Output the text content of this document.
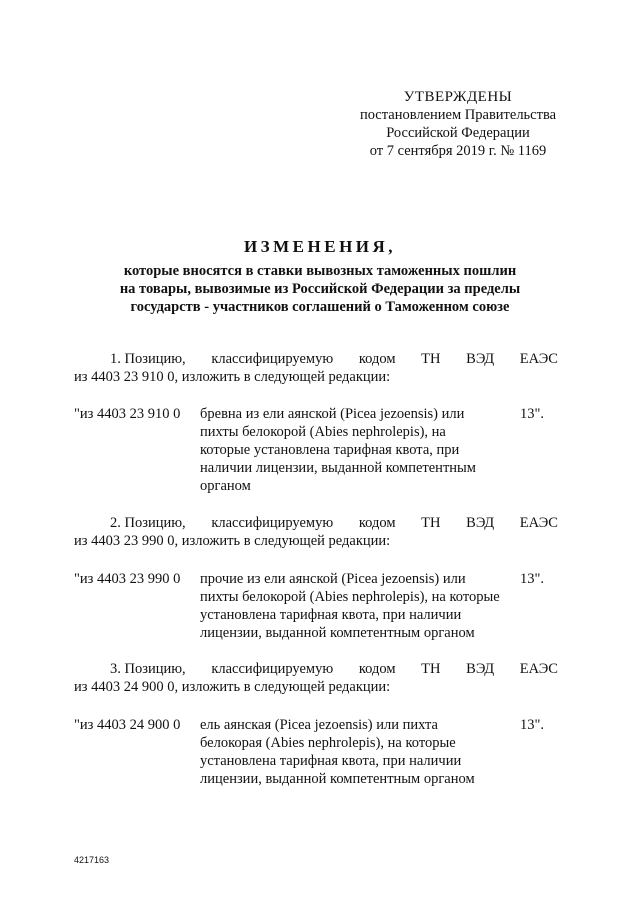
УТВЕРЖДЕНЫ
постановлением Правительства
Российской Федерации
от 7 сентября 2019 г. № 1169
ИЗМЕНЕНИЯ,
которые вносятся в ставки вывозных таможенных пошлин
на товары, вывозимые из Российской Федерации за пределы
государств - участников соглашений о Таможенном союзе
1. Позицию, классифицируемую кодом ТН ВЭД ЕАЭС
из 4403 23 910 0, изложить в следующей редакции:
"из 4403 23 910 0 бревна из ели аянской (Picea jezoensis) или пихты белокорой (Abies nephrolepis), на которые установлена тарифная квота, при наличии лицензии, выданной компетентным органом
13".
2. Позицию, классифицируемую кодом ТН ВЭД ЕАЭС
из 4403 23 990 0, изложить в следующей редакции:
"из 4403 23 990 0 прочие из ели аянской (Picea jezoensis) или пихты белокорой (Abies nephrolepis), на которые установлена тарифная квота, при наличии лицензии, выданной компетентным органом
13".
3. Позицию, классифицируемую кодом ТН ВЭД ЕАЭС
из 4403 24 900 0, изложить в следующей редакции:
"из 4403 24 900 0 ель аянская (Picea jezoensis) или пихта белокорая (Abies nephrolepis), на которые установлена тарифная квота, при наличии лицензии, выданной компетентным органом
13".
4217163
